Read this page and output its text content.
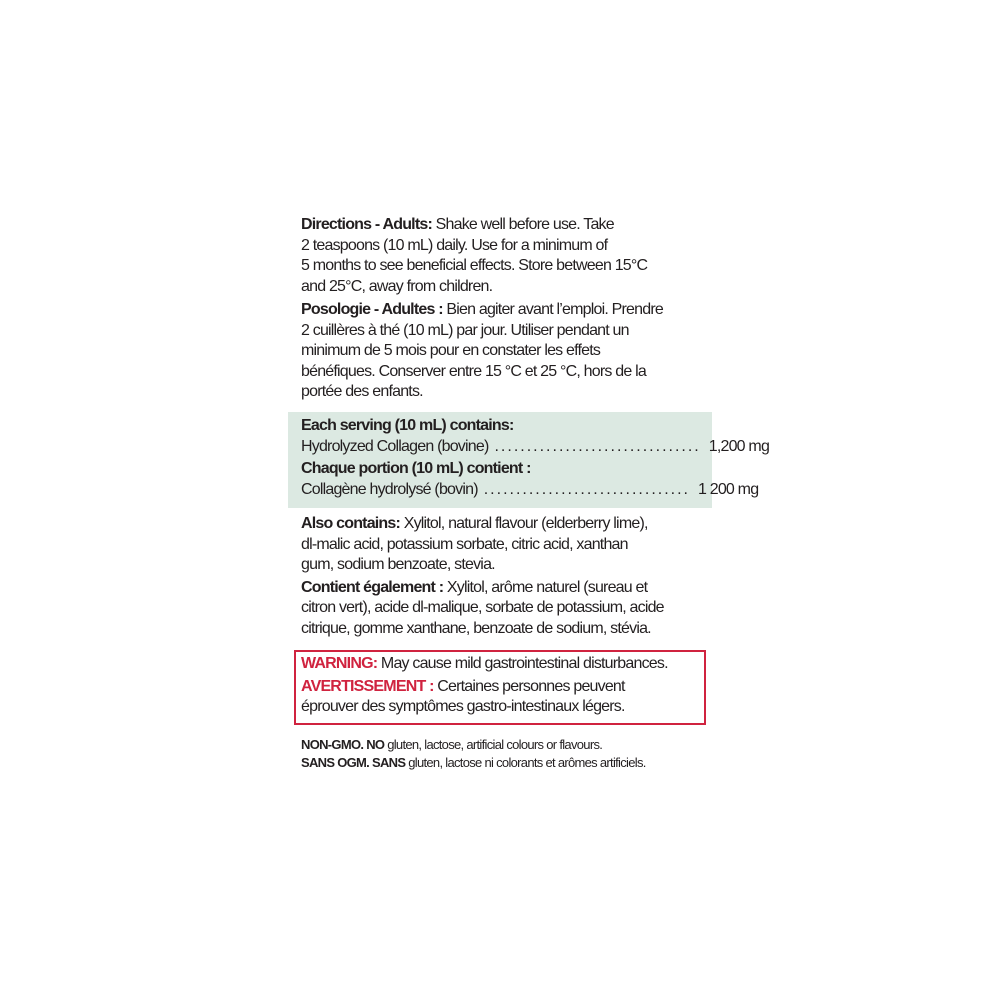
Directions - Adults: Shake well before use. Take
2 teaspoons (10 mL) daily. Use for a minimum of
5 months to see beneficial effects. Store between 15°C
and 25°C, away from children.
Posologie - Adultes : Bien agiter avant l’emploi. Prendre
2 cuillères à thé (10 mL) par jour. Utiliser pendant un
minimum de 5 mois pour en constater les effets
bénéfiques. Conserver entre 15 °C et 25 °C, hors de la
portée des enfants.
Each serving (10 mL) contains:
Hydrolyzed Collagen (bovine) ................................ 1,200 mg
Chaque portion (10 mL) contient :
Collagène hydrolysé (bovin) ................................ 1 200 mg
Also contains: Xylitol, natural flavour (elderberry lime),
dl-malic acid, potassium sorbate, citric acid, xanthan
gum, sodium benzoate, stevia.
Contient également : Xylitol, arôme naturel (sureau et
citron vert), acide dl-malique, sorbate de potassium, acide
citrique, gomme xanthane, benzoate de sodium, stévia.
WARNING: May cause mild gastrointestinal disturbances.
AVERTISSEMENT : Certaines personnes peuvent
éprouver des symptômes gastro-intestinaux légers.
NON-GMO. NO gluten, lactose, artificial colours or flavours.
SANS OGM. SANS gluten, lactose ni colorants et arômes artificiels.
